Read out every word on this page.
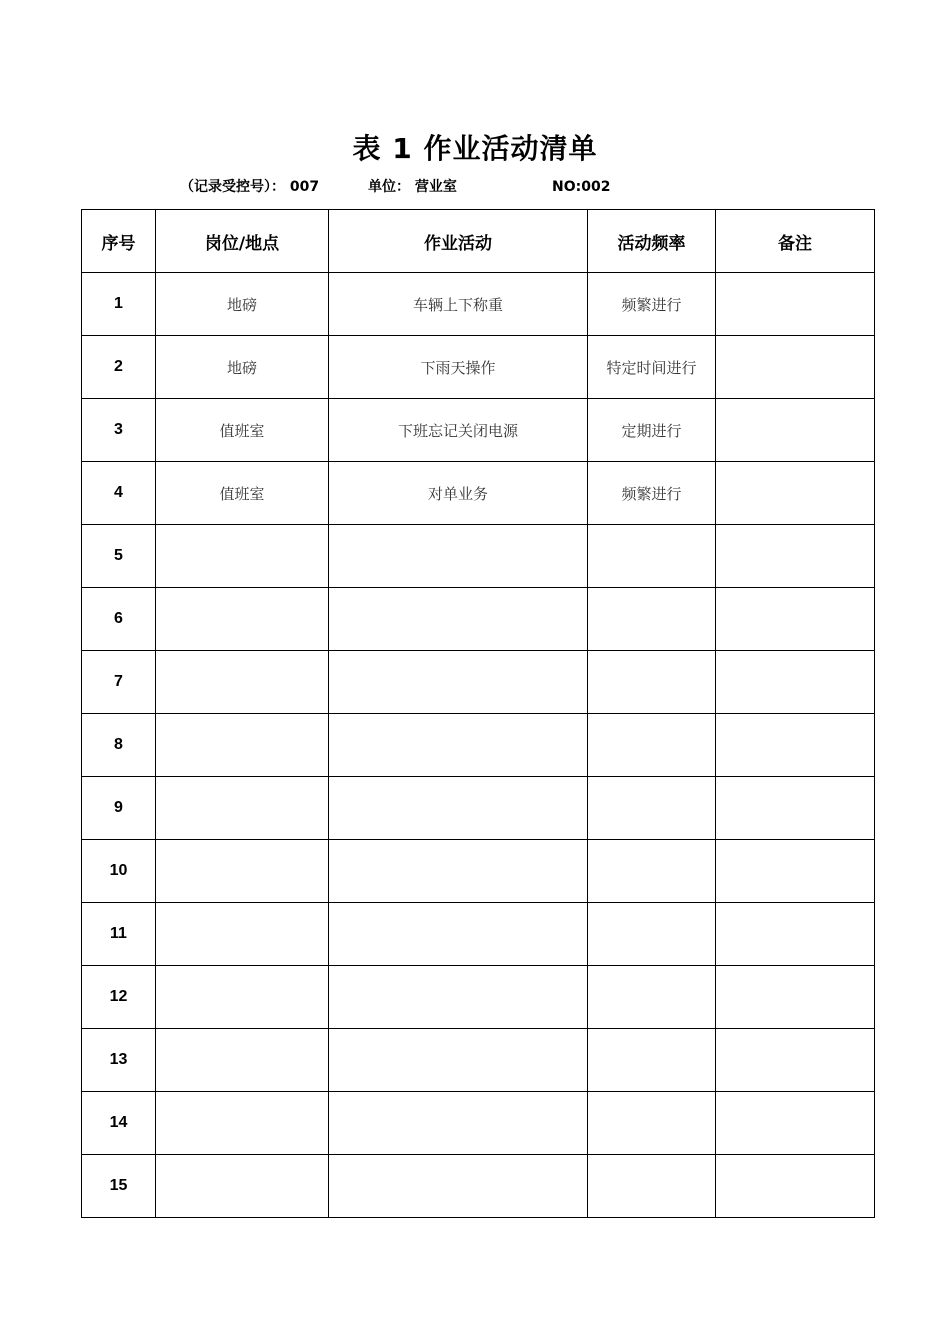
表 1 作业活动清单
（记录受控号）： 007	单位： 营业室	NO:002
序号	岗位/地点	作业活动	活动频率	备注
1	地磅	车辆上下称重	频繁进行	
2	地磅	下雨天操作	特定时间进行	
3	值班室	下班忘记关闭电源	定期进行	
4	值班室	对单业务	频繁进行	
5				
6				
7				
8				
9				
10				
11				
12				
13				
14				
15				
